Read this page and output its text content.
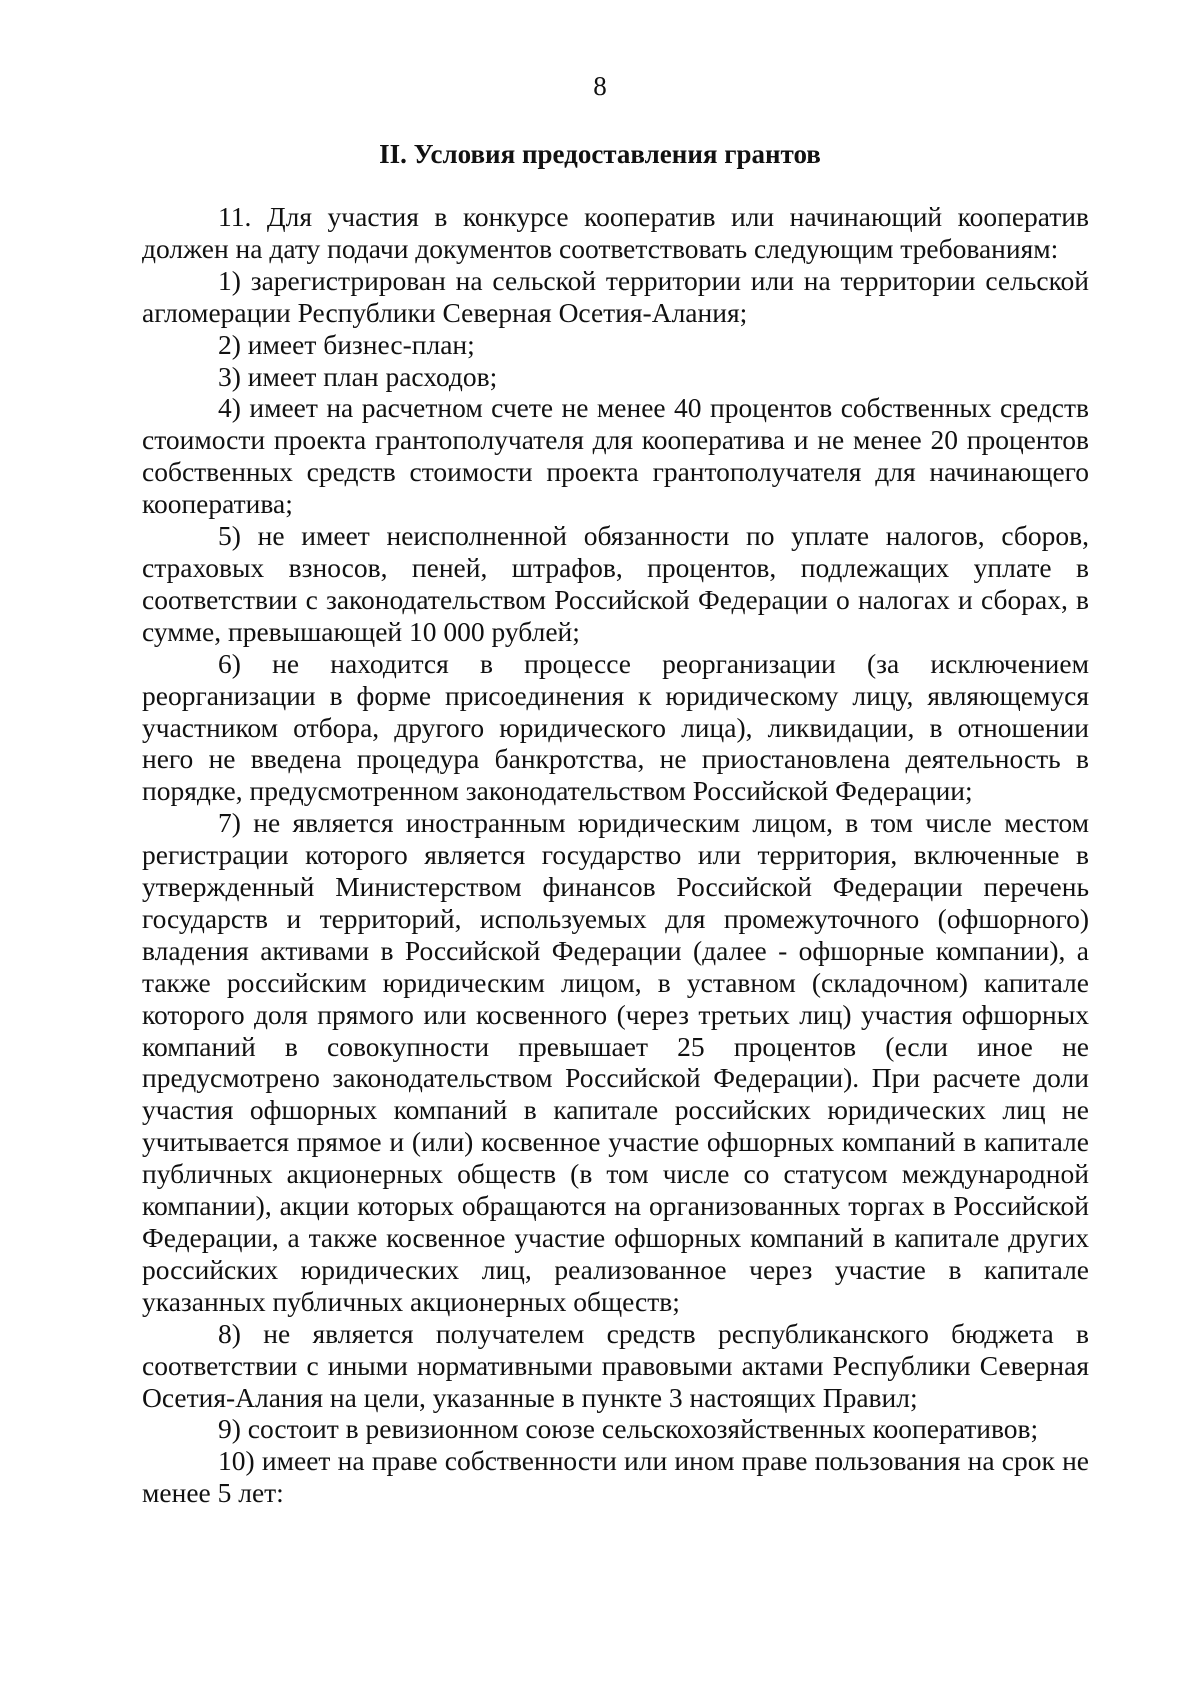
8
II. Условия предоставления грантов

11. Для участия в конкурсе кооператив или начинающий кооператив должен на дату подачи документов соответствовать следующим требованиям:

1) зарегистрирован на сельской территории или на территории сельской агломерации Республики Северная Осетия-Алания;

2) имеет бизнес-план;

3) имеет план расходов;

4) имеет на расчетном счете не менее 40 процентов собственных средств стоимости проекта грантополучателя для кооператива и не менее 20 процентов собственных средств стоимости проекта грантополучателя для начинающего кооператива;

5) не имеет неисполненной обязанности по уплате налогов, сборов, страховых взносов, пеней, штрафов, процентов, подлежащих уплате в соответствии с законодательством Российской Федерации о налогах и сборах, в сумме, превышающей 10 000 рублей;

6) не находится в процессе реорганизации (за исключением реорганизации в форме присоединения к юридическому лицу, являющемуся участником отбора, другого юридического лица), ликвидации, в отношении него не введена процедура банкротства, не приостановлена деятельность в порядке, предусмотренном законодательством Российской Федерации;

7) не является иностранным юридическим лицом, в том числе местом регистрации которого является государство или территория, включенные в утвержденный Министерством финансов Российской Федерации перечень государств и территорий, используемых для промежуточного (офшорного) владения активами в Российской Федерации (далее - офшорные компании), а также российским юридическим лицом, в уставном (складочном) капитале которого доля прямого или косвенного (через третьих лиц) участия офшорных компаний в совокупности превышает 25 процентов (если иное не предусмотрено законодательством Российской Федерации). При расчете доли участия офшорных компаний в капитале российских юридических лиц не учитывается прямое и (или) косвенное участие офшорных компаний в капитале публичных акционерных обществ (в том числе со статусом международной компании), акции которых обращаются на организованных торгах в Российской Федерации, а также косвенное участие офшорных компаний в капитале других российских юридических лиц, реализованное через участие в капитале указанных публичных акционерных обществ;

8) не является получателем средств республиканского бюджета в соответствии с иными нормативными правовыми актами Республики Северная Осетия-Алания на цели, указанные в пункте 3 настоящих Правил;

9) состоит в ревизионном союзе сельскохозяйственных кооперативов;

10) имеет на праве собственности или ином праве пользования на срок не менее 5 лет:
